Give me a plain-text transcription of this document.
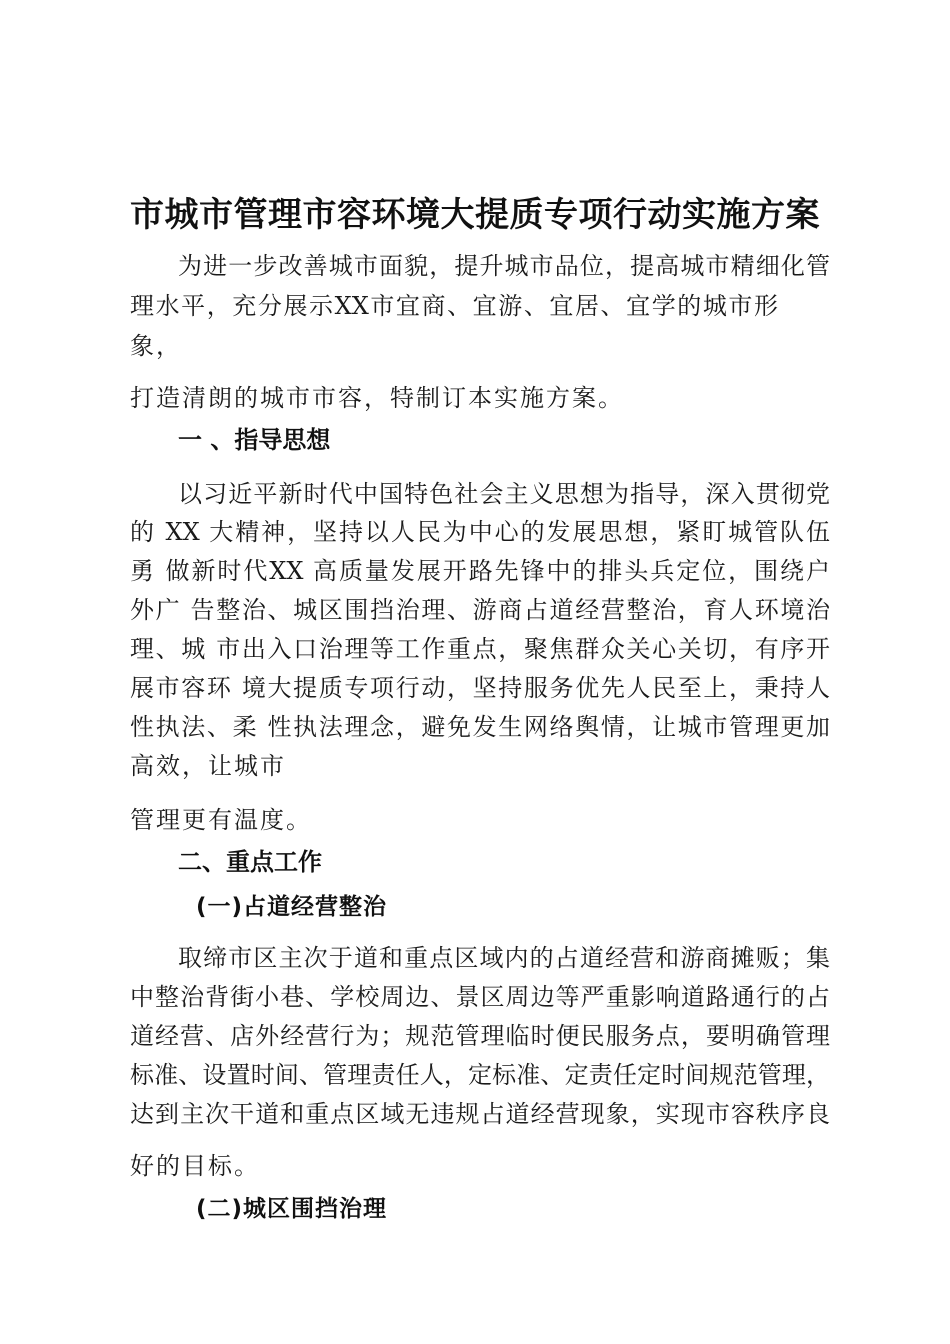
市城市管理市容环境大提质专项行动实施方案
为进一步改善城市面貌，提升城市品位，提高城市精细化管
理水平，充分展示XX市宜商、宜游、宜居、宜学的城市形
象，
打造清朗的城市市容，特制订本实施方案。
一 、指导思想
以习近平新时代中国特色社会主义思想为指导，深入贯彻党
的 XX 大精神，坚持以人民为中心的发展思想，紧盯城管队伍
勇 做新时代XX 高质量发展开路先锋中的排头兵定位，围绕户
外广 告整治、城区围挡治理、游商占道经营整治，育人环境治
理、城 市出入口治理等工作重点，聚焦群众关心关切，有序开
展市容环 境大提质专项行动，坚持服务优先人民至上，秉持人
性执法、柔 性执法理念，避免发生网络舆情，让城市管理更加
高效，让城市
管理更有温度。
二、重点工作
(一)占道经营整治
取缔市区主次于道和重点区域内的占道经营和游商摊贩；集
中整治背街小巷、学校周边、景区周边等严重影响道路通行的占
道经营、店外经营行为；规范管理临时便民服务点，要明确管理
标准、设置时间、管理责任人，定标准、定责任定时间规范管理，
达到主次干道和重点区域无违规占道经营现象，实现市容秩序良
好的目标。
(二)城区围挡治理
